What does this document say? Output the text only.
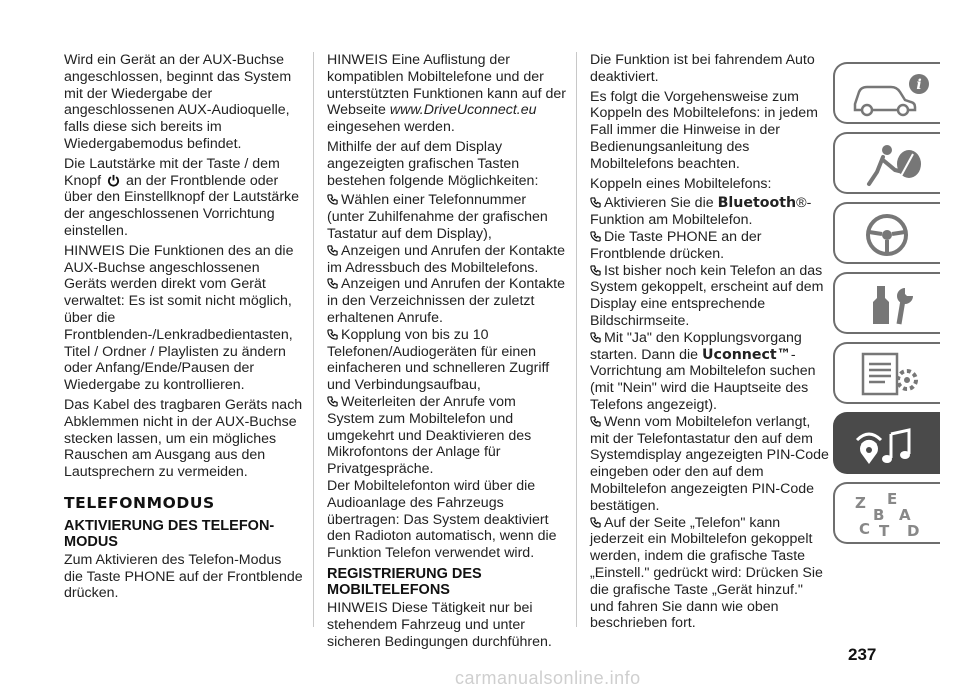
Wird ein Gerät an der AUX-Buchse angeschlossen, beginnt das System mit der Wiedergabe der angeschlossenen AUX-Audioquelle, falls diese sich bereits im Wiedergabemodus befindet.

Die Lautstärke mit der Taste / dem Knopf an der Frontblende oder über den Einstellknopf der Lautstärke der angeschlossenen Vorrichtung einstellen.

HINWEIS Die Funktionen des an die AUX-Buchse angeschlossenen Geräts werden direkt vom Gerät verwaltet: Es ist somit nicht möglich, über die Frontblenden-/Lenkradbedientasten, Titel / Ordner / Playlisten zu ändern oder Anfang/Ende/Pausen der Wiedergabe zu kontrollieren.

Das Kabel des tragbaren Geräts nach Abklemmen nicht in der AUX-Buchse stecken lassen, um ein mögliches Rauschen am Ausgang aus den Lautsprechern zu vermeiden.

TELEFONMODUS
AKTIVIERUNG DES TELEFON-MODUS

Zum Aktivieren des Telefon-Modus die Taste PHONE auf der Frontblende drücken.

HINWEIS Eine Auflistung der kompatiblen Mobiltelefone und der unterstützten Funktionen kann auf der Webseite www.DriveUconnect.eu eingesehen werden.

Mithilfe der auf dem Display angezeigten grafischen Tasten bestehen folgende Möglichkeiten:

Wählen einer Telefonnummer (unter Zuhilfenahme der grafischen Tastatur auf dem Display),

Anzeigen und Anrufen der Kontakte im Adressbuch des Mobiltelefons.

Anzeigen und Anrufen der Kontakte in den Verzeichnissen der zuletzt erhaltenen Anrufe.

Kopplung von bis zu 10 Telefonen/Audiogeräten für einen einfacheren und schnelleren Zugriff und Verbindungsaufbau,

Weiterleiten der Anrufe vom System zum Mobiltelefon und umgekehrt und Deaktivieren des Mikrofontons der Anlage für Privatgespräche.

Der Mobiltelefonton wird über die Audioanlage des Fahrzeugs übertragen: Das System deaktiviert den Radioton automatisch, wenn die Funktion Telefon verwendet wird.

REGISTRIERUNG DES MOBILTELEFONS

HINWEIS Diese Tätigkeit nur bei stehendem Fahrzeug und unter sicheren Bedingungen durchführen.

Die Funktion ist bei fahrendem Auto deaktiviert.

Es folgt die Vorgehensweise zum Koppeln des Mobiltelefons: in jedem Fall immer die Hinweise in der Bedienungsanleitung des Mobiltelefons beachten.

Koppeln eines Mobiltelefons:

Aktivieren Sie die Bluetooth®-Funktion am Mobiltelefon.

Die Taste PHONE an der Frontblende drücken.

Ist bisher noch kein Telefon an das System gekoppelt, erscheint auf dem Display eine entsprechende Bildschirmseite.

Mit "Ja" den Kopplungsvorgang starten. Dann die Uconnect™-Vorrichtung am Mobiltelefon suchen (mit "Nein" wird die Hauptseite des Telefons angezeigt).

Wenn vom Mobiltelefon verlangt, mit der Telefontastatur den auf dem Systemdisplay angezeigten PIN-Code eingeben oder den auf dem Mobiltelefon angezeigten PIN-Code bestätigen.

Auf der Seite „Telefon" kann jederzeit ein Mobiltelefon gekoppelt werden, indem die grafische Taste „Einstell." gedrückt wird: Drücken Sie die grafische Taste „Gerät hinzuf." und fahren Sie dann wie oben beschrieben fort.

i
Z E
B A
C T D
237
carmanualsonline.info
